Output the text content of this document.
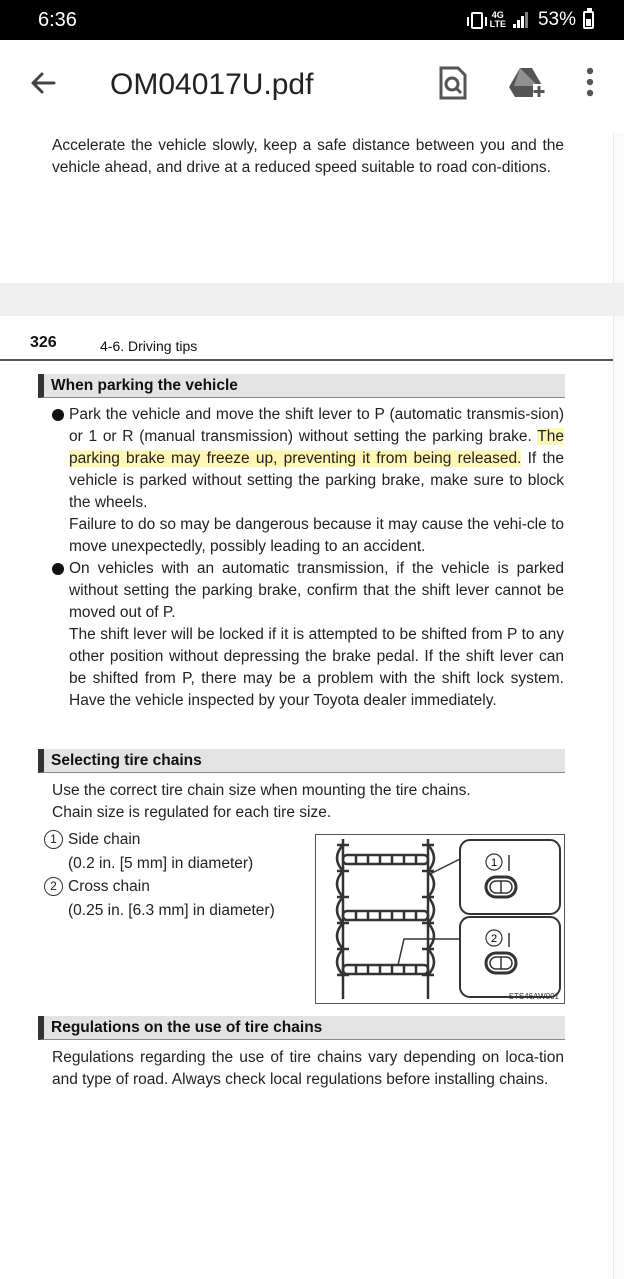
6:36	4G
LTE 53%
OM04017U.pdf
Accelerate the vehicle slowly, keep a safe distance between you and the vehicle ahead, and drive at a reduced speed suitable to road con-ditions.
326	4-6. Driving tips
When parking the vehicle
Park the vehicle and move the shift lever to P (automatic transmis-sion) or 1 or R (manual transmission) without setting the parking brake. The parking brake may freeze up, preventing it from being released. If the vehicle is parked without setting the parking brake, make sure to block the wheels.
Failure to do so may be dangerous because it may cause the vehi-cle to move unexpectedly, possibly leading to an accident.
On vehicles with an automatic transmission, if the vehicle is parked without setting the parking brake, confirm that the shift lever cannot be moved out of P.
The shift lever will be locked if it is attempted to be shifted from P to any other position without depressing the brake pedal. If the shift lever can be shifted from P, there may be a problem with the shift lock system. Have the vehicle inspected by your Toyota dealer immediately.
Selecting tire chains
Use the correct tire chain size when mounting the tire chains.
Chain size is regulated for each tire size.
1 Side chain
(0.2 in. [5 mm] in diameter)
2 Cross chain
(0.25 in. [6.3 mm] in diameter)
1
2
STS46AW001
Regulations on the use of tire chains
Regulations regarding the use of tire chains vary depending on loca-tion and type of road. Always check local regulations before installing chains.
